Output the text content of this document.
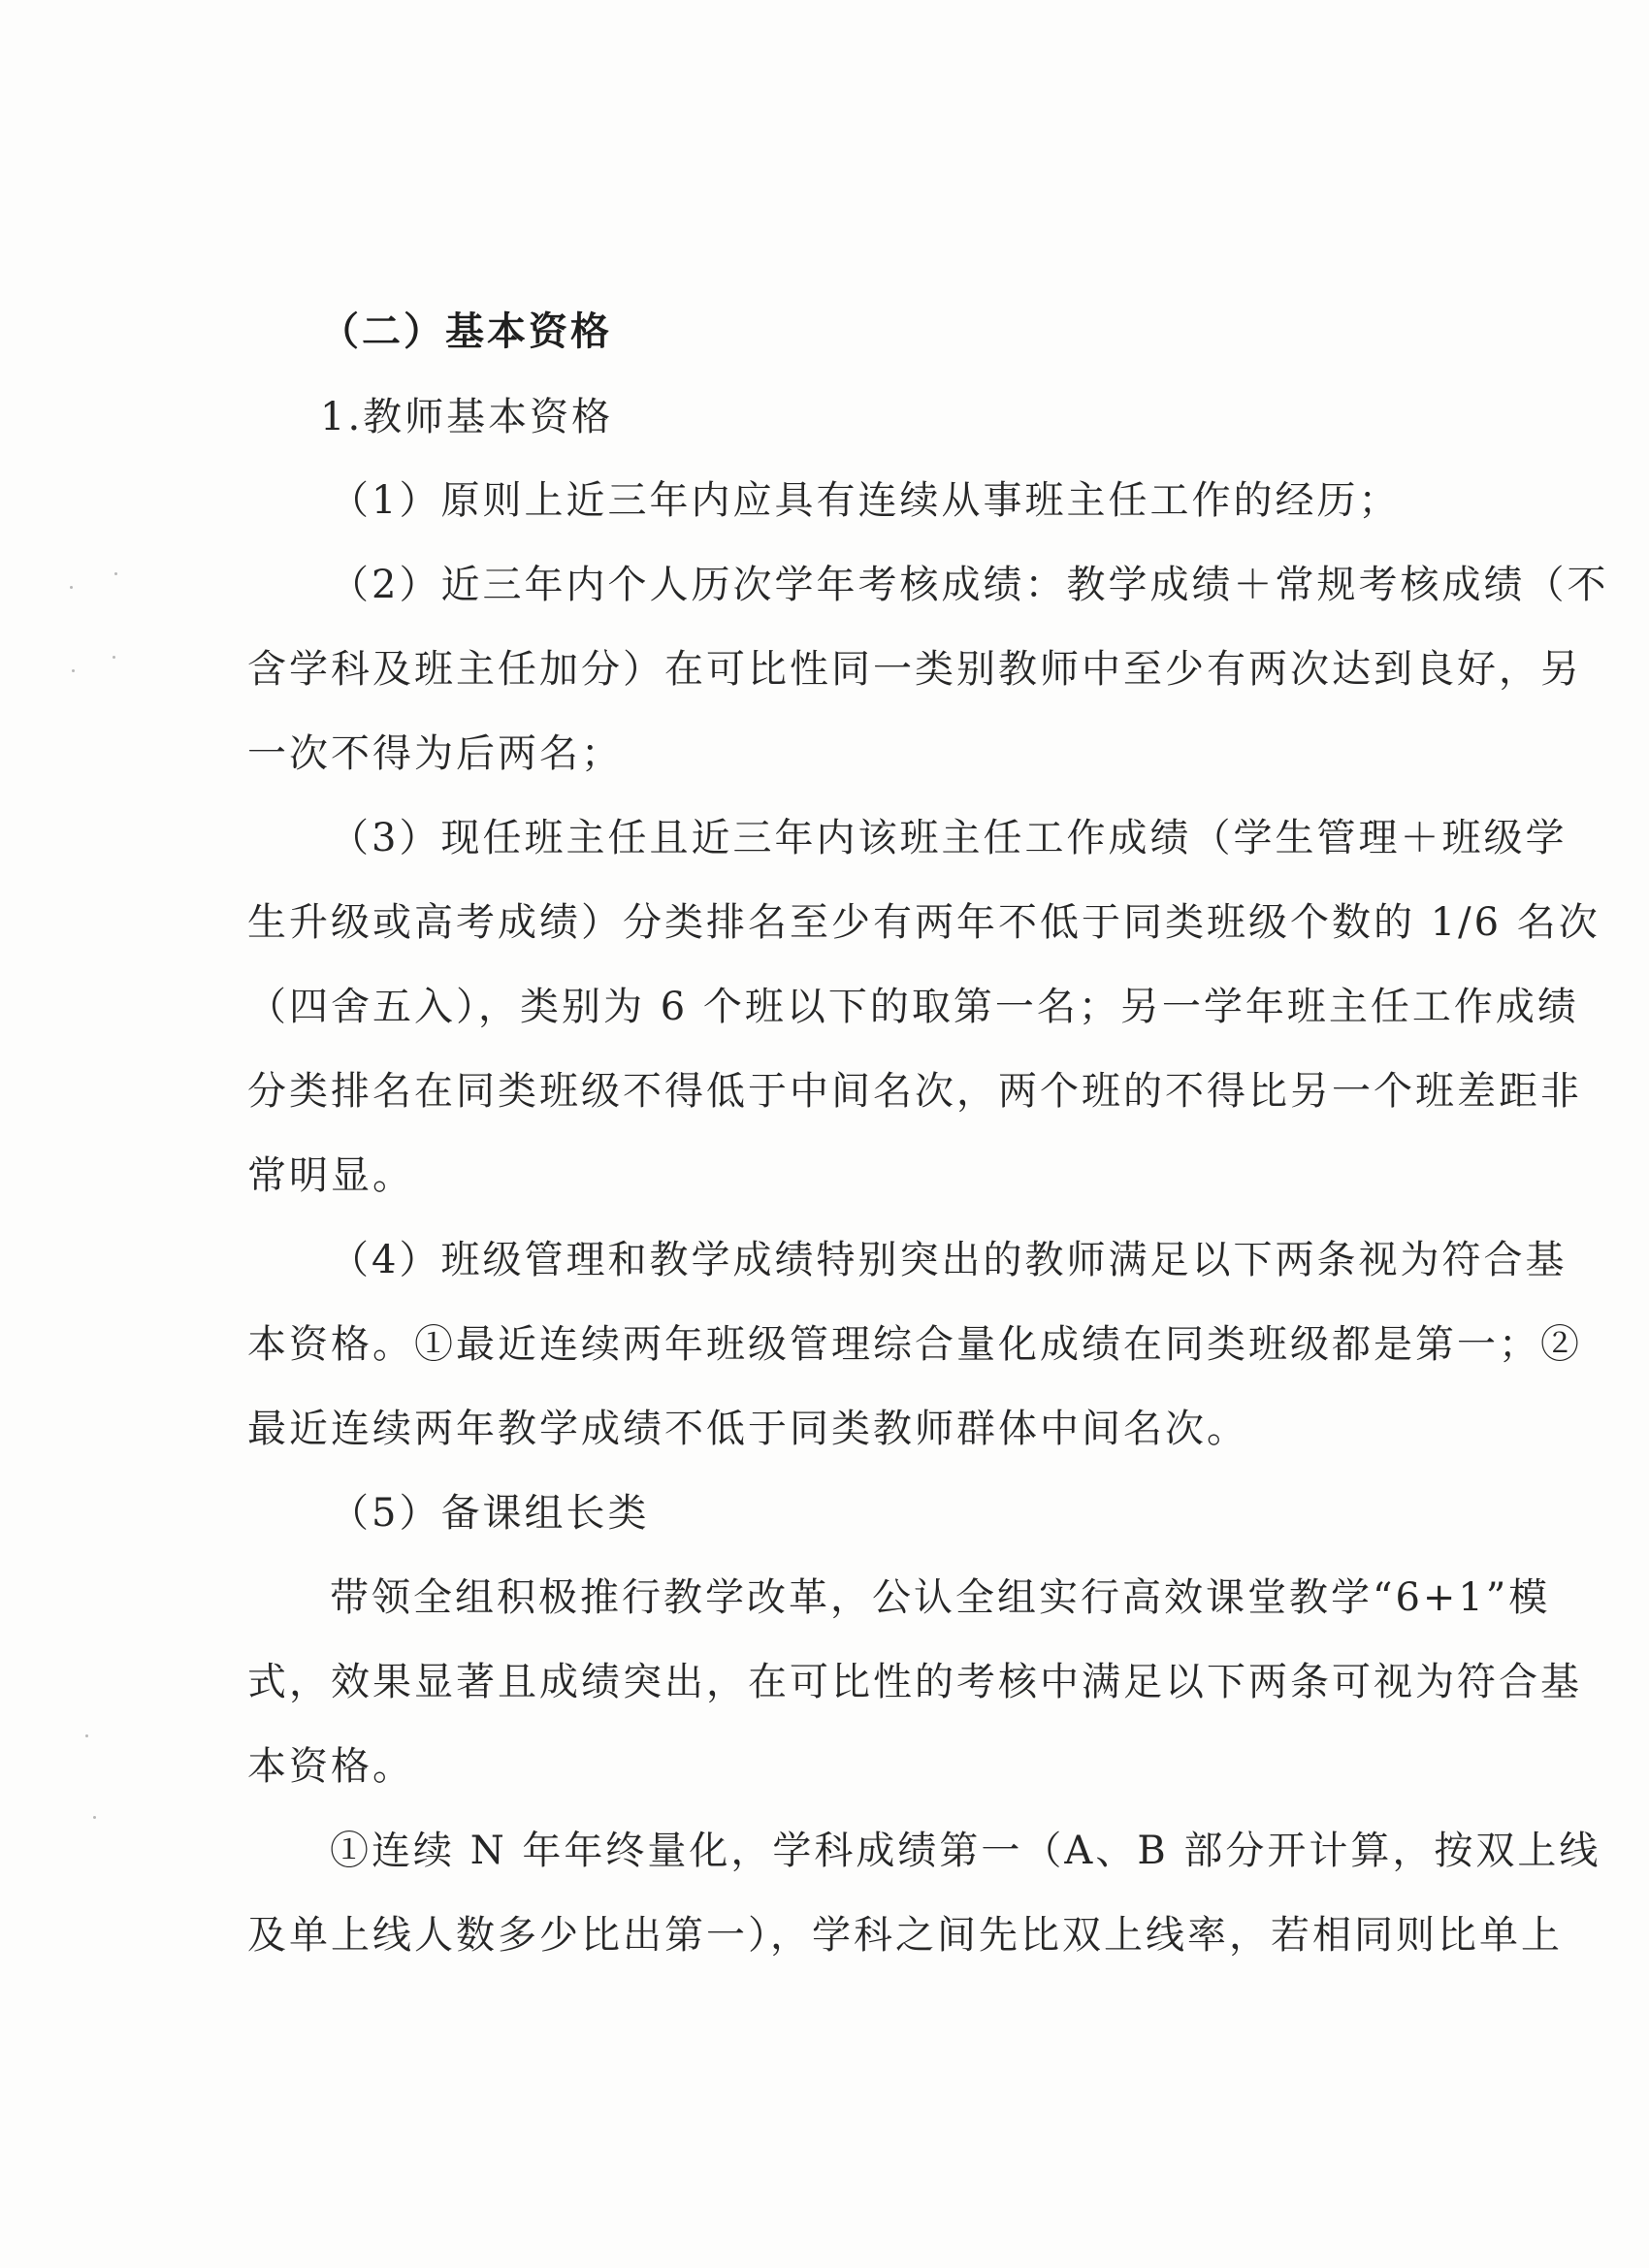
（二）基本资格
1.教师基本资格
（1）原则上近三年内应具有连续从事班主任工作的经历；
（2）近三年内个人历次学年考核成绩：教学成绩＋常规考核成绩（不
含学科及班主任加分）在可比性同一类别教师中至少有两次达到良好，另
一次不得为后两名；
（3）现任班主任且近三年内该班主任工作成绩（学生管理＋班级学
生升级或高考成绩）分类排名至少有两年不低于同类班级个数的 1/6 名次
（四舍五入），类别为 6 个班以下的取第一名；另一学年班主任工作成绩
分类排名在同类班级不得低于中间名次，两个班的不得比另一个班差距非
常明显。
（4）班级管理和教学成绩特别突出的教师满足以下两条视为符合基
本资格。①最近连续两年班级管理综合量化成绩在同类班级都是第一；②
最近连续两年教学成绩不低于同类教师群体中间名次。
（5）备课组长类
带领全组积极推行教学改革，公认全组实行高效课堂教学“6+1”模
式，效果显著且成绩突出，在可比性的考核中满足以下两条可视为符合基
本资格。
①连续 N 年年终量化，学科成绩第一（A、B 部分开计算，按双上线
及单上线人数多少比出第一），学科之间先比双上线率，若相同则比单上
